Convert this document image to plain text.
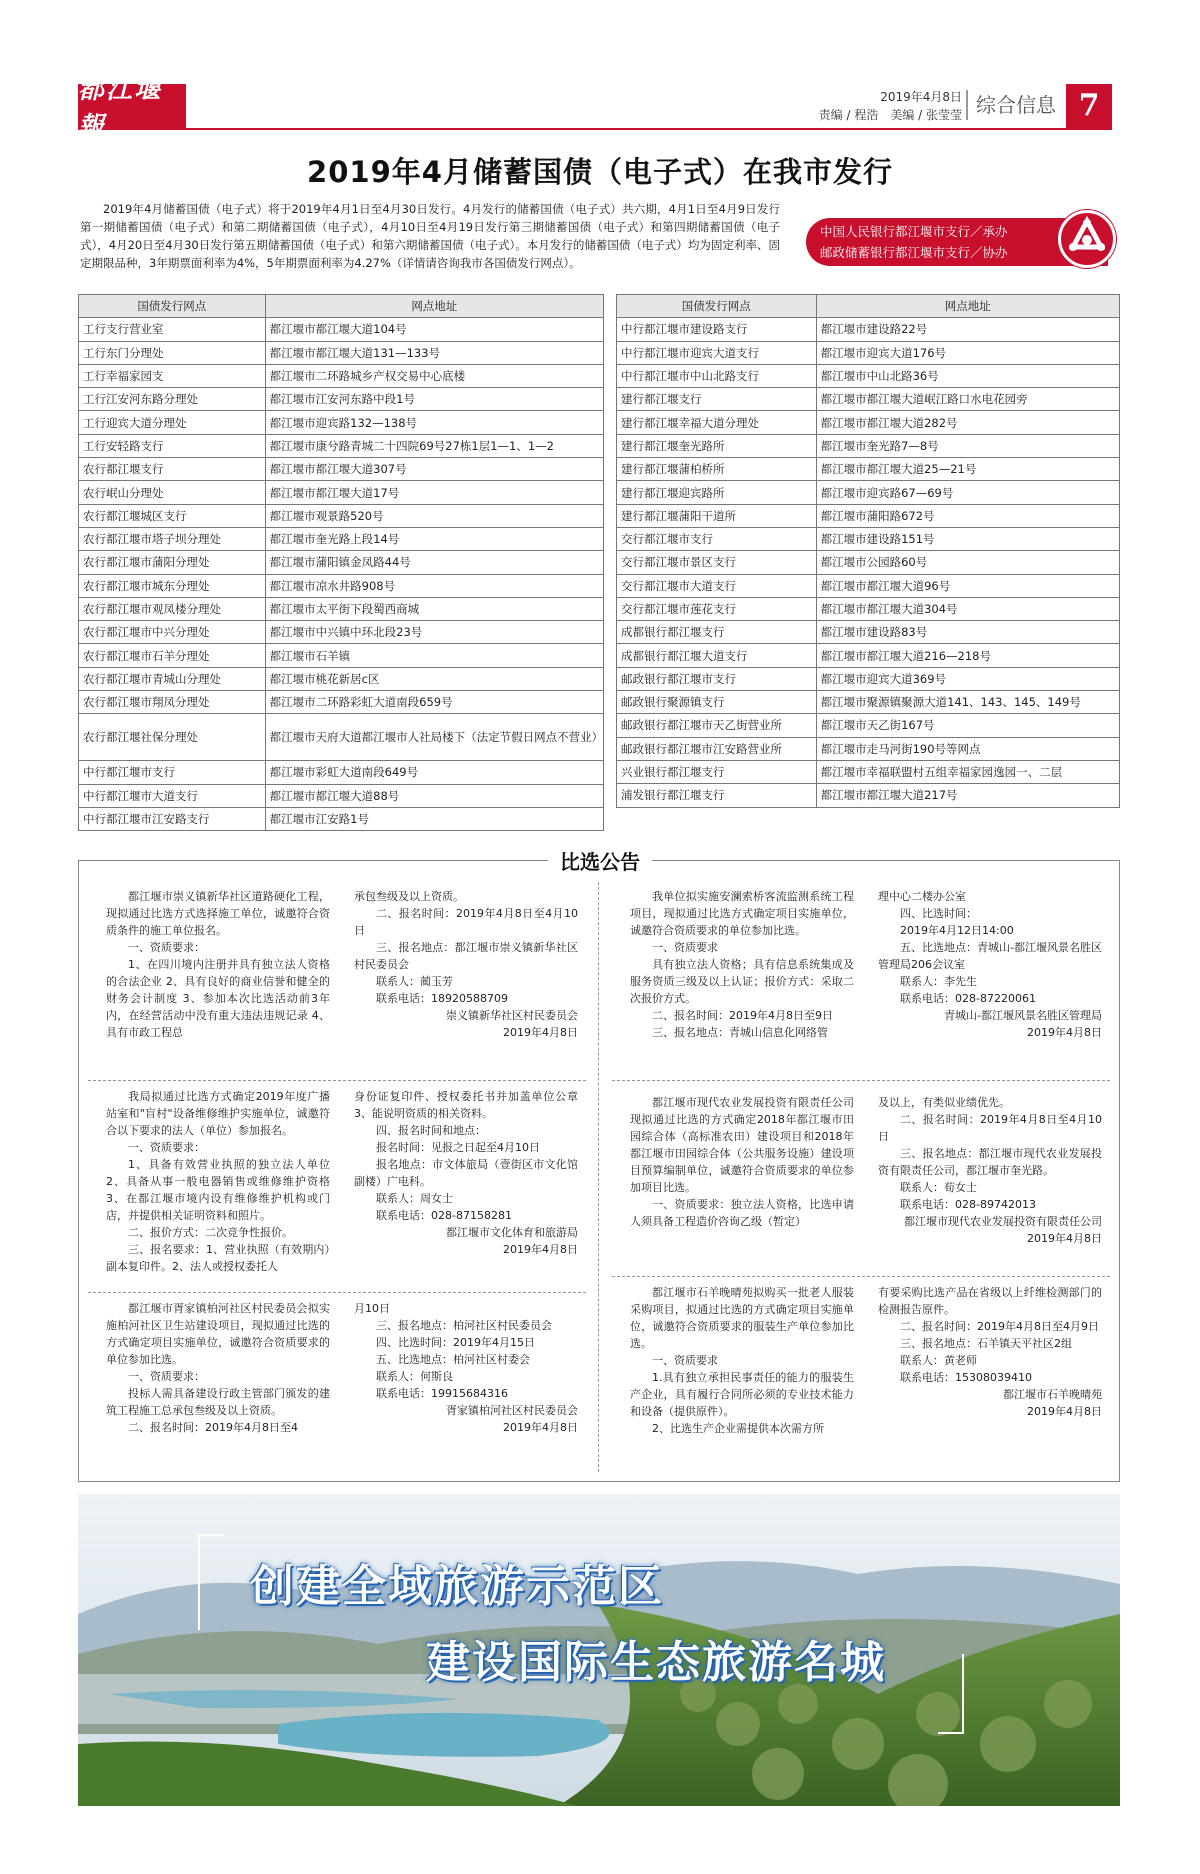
都江堰報
2019年4月8日
责编 / 程浩　美编 / 张莹莹 综合信息 7
2019年4月储蓄国债（电子式）在我市发行

2019年4月储蓄国债（电子式）将于2019年4月1日至4月30日发行。4月发行的储蓄国债（电子式）共六期，4月1日至4月9日发行第一期储蓄国债（电子式）和第二期储蓄国债（电子式），4月10日至4月19日发行第三期储蓄国债（电子式）和第四期储蓄国债（电子式），4月20日至4月30日发行第五期储蓄国债（电子式）和第六期储蓄国债（电子式）。本月发行的储蓄国债（电子式）均为固定利率、固定期限品种，3年期票面利率为4%，5年期票面利率为4.27%（详情请咨询我市各国债发行网点）。

中国人民银行都江堰市支行／承办
邮政储蓄银行都江堰市支行／协办
国债发行网点	网点地址
工行支行营业室	都江堰市都江堰大道104号
工行东门分理处	都江堰市都江堰大道131—133号
工行幸福家园支	都江堰市二环路城乡产权交易中心底楼
工行江安河东路分理处	都江堰市江安河东路中段1号
工行迎宾大道分理处	都江堰市迎宾路132—138号
工行安轻路支行	都江堰市康兮路青城二十四院69号27栋1层1—1、1—2
农行都江堰支行	都江堰市都江堰大道307号
农行岷山分理处	都江堰市都江堰大道17号
农行都江堰城区支行	都江堰市观景路520号
农行都江堰市塔子坝分理处	都江堰市奎光路上段14号
农行都江堰市蒲阳分理处	都江堰市蒲阳镇金凤路44号
农行都江堰市城东分理处	都江堰市凉水井路908号
农行都江堰市观凤楼分理处	都江堰市太平街下段蜀西商城
农行都江堰市中兴分理处	都江堰市中兴镇中环北段23号
农行都江堰市石羊分理处	都江堰市石羊镇
农行都江堰市青城山分理处	都江堰市桃花新居c区
农行都江堰市翔凤分理处	都江堰市二环路彩虹大道南段659号
农行都江堰社保分理处	都江堰市天府大道都江堰市人社局楼下（法定节假日网点不营业）
中行都江堰市支行	都江堰市彩虹大道南段649号
中行都江堰市大道支行	都江堰市都江堰大道88号
中行都江堰市江安路支行	都江堰市江安路1号
国债发行网点	网点地址
中行都江堰市建设路支行	都江堰市建设路22号
中行都江堰市迎宾大道支行	都江堰市迎宾大道176号
中行都江堰市中山北路支行	都江堰市中山北路36号
建行都江堰支行	都江堰市都江堰大道岷江路口水电花园旁
建行都江堰幸福大道分理处	都江堰市都江堰大道282号
建行都江堰奎光路所	都江堰市奎光路7—8号
建行都江堰蒲柏桥所	都江堰市都江堰大道25—21号
建行都江堰迎宾路所	都江堰市迎宾路67—69号
建行都江堰蒲阳干道所	都江堰市蒲阳路672号
交行都江堰市支行	都江堰市建设路151号
交行都江堰市景区支行	都江堰市公园路60号
交行都江堰市大道支行	都江堰市都江堰大道96号
交行都江堰市莲花支行	都江堰市都江堰大道304号
成都银行都江堰支行	都江堰市建设路83号
成都银行都江堰大道支行	都江堰市都江堰大道216—218号
邮政银行都江堰市支行	都江堰市迎宾大道369号
邮政银行聚源镇支行	都江堰市聚源镇聚源大道141、143、145、149号
邮政银行都江堰市天乙街营业所	都江堰市天乙街167号
邮政银行都江堰市江安路营业所	都江堰市走马河街190号等网点
兴业银行都江堰支行	都江堰市幸福联盟村五组幸福家园逸园一、二层
浦发银行都江堰支行	都江堰市都江堰大道217号
比选公告

都江堰市崇义镇新华社区道路硬化工程，现拟通过比选方式选择施工单位，诚邀符合资质条件的施工单位报名。

一、资质要求：

1、在四川境内注册并具有独立法人资格的合法企业 2、具有良好的商业信誉和健全的财务会计制度 3、参加本次比选活动前3年内，在经营活动中没有重大违法违规记录 4、具有市政工程总

承包叁级及以上资质。

二、报名时间：2019年4月8日至4月10日

三、报名地点：都江堰市崇义镇新华社区村民委员会

联系人：蔺玉芳

联系电话：18920588709

崇义镇新华社区村民委员会

2019年4月8日

我局拟通过比选方式确定2019年度广播站室和"盲村"设备维修维护实施单位，诚邀符合以下要求的法人（单位）参加报名。

一、资质要求：

1、具备有效营业执照的独立法人单位 2、具备从事一般电器销售或维修维护资格 3、在都江堰市境内设有维修维护机构或门店，并提供相关证明资料和照片。

二、报价方式：二次竞争性报价。

三、报名要求：1、营业执照（有效期内）副本复印件。2、法人或授权委托人

身份证复印件、授权委托书并加盖单位公章 3、能说明资质的相关资料。

四、报名时间和地点：

报名时间：见报之日起至4月10日

报名地点：市文体旅局（壹街区市文化馆副楼）广电科。

联系人：周女士

联系电话：028-87158281

都江堰市文化体育和旅游局

2019年4月8日

都江堰市胥家镇柏河社区村民委员会拟实施柏河社区卫生站建设项目，现拟通过比选的方式确定项目实施单位，诚邀符合资质要求的单位参加比选。

一、资质要求：

投标人需具备建设行政主管部门颁发的建筑工程施工总承包叁级及以上资质。

二、报名时间：2019年4月8日至4

月10日

三、报名地点：柏河社区村民委员会

四、比选时间：2019年4月15日

五、比选地点：柏河社区村委会

联系人：何斯良

联系电话：19915684316

胥家镇柏河社区村民委员会

2019年4月8日

我单位拟实施安澜索桥客流监测系统工程项目，现拟通过比选方式确定项目实施单位，诚邀符合资质要求的单位参加比选。

一、资质要求

具有独立法人资格；具有信息系统集成及服务资质三级及以上认证；报价方式：采取二次报价方式。

二、报名时间：2019年4月8日至9日

三、报名地点：青城山信息化网络管

理中心二楼办公室

四、比选时间：

2019年4月12日14:00

五、比选地点：青城山-都江堰风景名胜区管理局206会议室

联系人：李先生

联系电话：028-87220061

青城山-都江堰风景名胜区管理局

2019年4月8日

都江堰市现代农业发展投资有限责任公司现拟通过比选的方式确定2018年都江堰市田园综合体（高标准农田）建设项目和2018年都江堰市田园综合体（公共服务设施）建设项目预算编制单位，诚邀符合资质要求的单位参加项目比选。

一、资质要求：独立法人资格，比选申请人须具备工程造价咨询乙级（暂定）

及以上，有类似业绩优先。

二、报名时间：2019年4月8日至4月10日

三、报名地点：都江堰市现代农业发展投资有限责任公司，都江堰市奎光路。

联系人：荀女士

联系电话：028-89742013

都江堰市现代农业发展投资有限责任公司

2019年4月8日

都江堰市石羊晚晴苑拟购买一批老人服装采购项目，拟通过比选的方式确定项目实施单位，诚邀符合资质要求的服装生产单位参加比选。

一、资质要求

1.具有独立承担民事责任的能力的服装生产企业，具有履行合同所必须的专业技术能力和设备（提供原件）。

2、比选生产企业需提供本次需方所

有要采购比选产品在省级以上纤维检测部门的检测报告原件。

二、报名时间：2019年4月8日至4月9日

三、报名地点：石羊镇天平社区2组

联系人：黄老师

联系电话：15308039410

都江堰市石羊晚晴苑

2019年4月8日

创建全域旅游示范区
建设国际生态旅游名城
